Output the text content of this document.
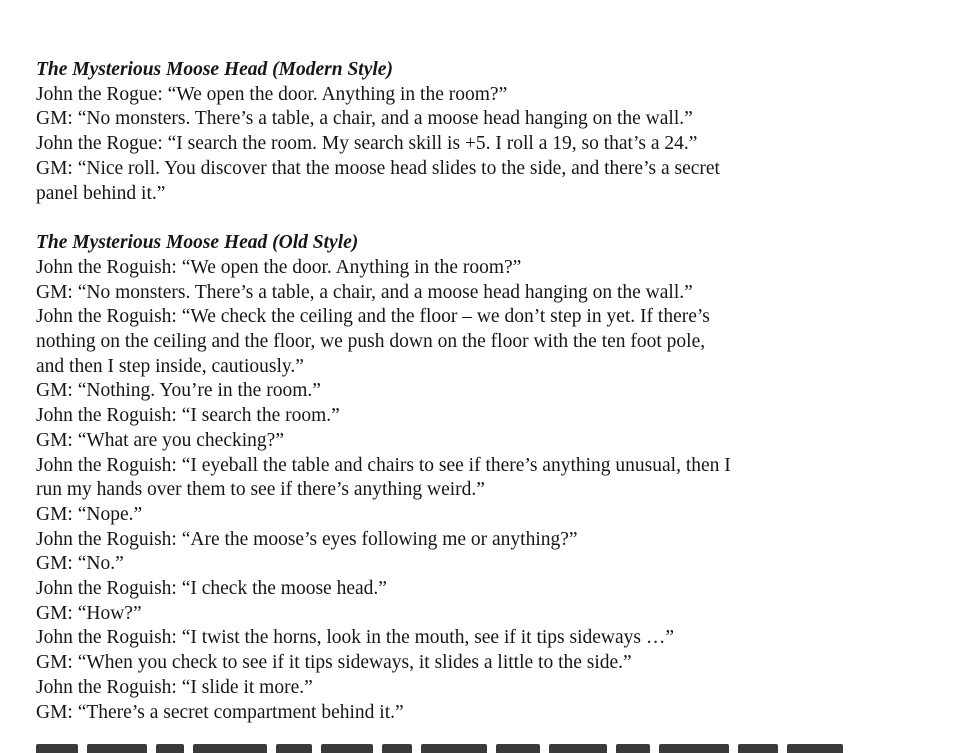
The Mysterious Moose Head (Modern Style)

John the Rogue: “We open the door. Anything in the room?”

GM: “No monsters. There’s a table, a chair, and a moose head hanging on the wall.”

John the Rogue: “I search the room. My search skill is +5. I roll a 19, so that’s a 24.”

GM: “Nice roll. You discover that the moose head slides to the side, and there’s a secret

panel behind it.”

The Mysterious Moose Head (Old Style)

John the Roguish: “We open the door. Anything in the room?”

GM: “No monsters. There’s a table, a chair, and a moose head hanging on the wall.”

John the Roguish: “We check the ceiling and the floor – we don’t step in yet. If there’s

nothing on the ceiling and the floor, we push down on the floor with the ten foot pole,

and then I step inside, cautiously.”

GM: “Nothing. You’re in the room.”

John the Roguish: “I search the room.”

GM: “What are you checking?”

John the Roguish: “I eyeball the table and chairs to see if there’s anything unusual, then I

run my hands over them to see if there’s anything weird.”

GM: “Nope.”

John the Roguish: “Are the moose’s eyes following me or anything?”

GM: “No.”

John the Roguish: “I check the moose head.”

GM: “How?”

John the Roguish: “I twist the horns, look in the mouth, see if it tips sideways …”

GM: “When you check to see if it tips sideways, it slides a little to the side.”

John the Roguish: “I slide it more.”

GM: “There’s a secret compartment behind it.”
